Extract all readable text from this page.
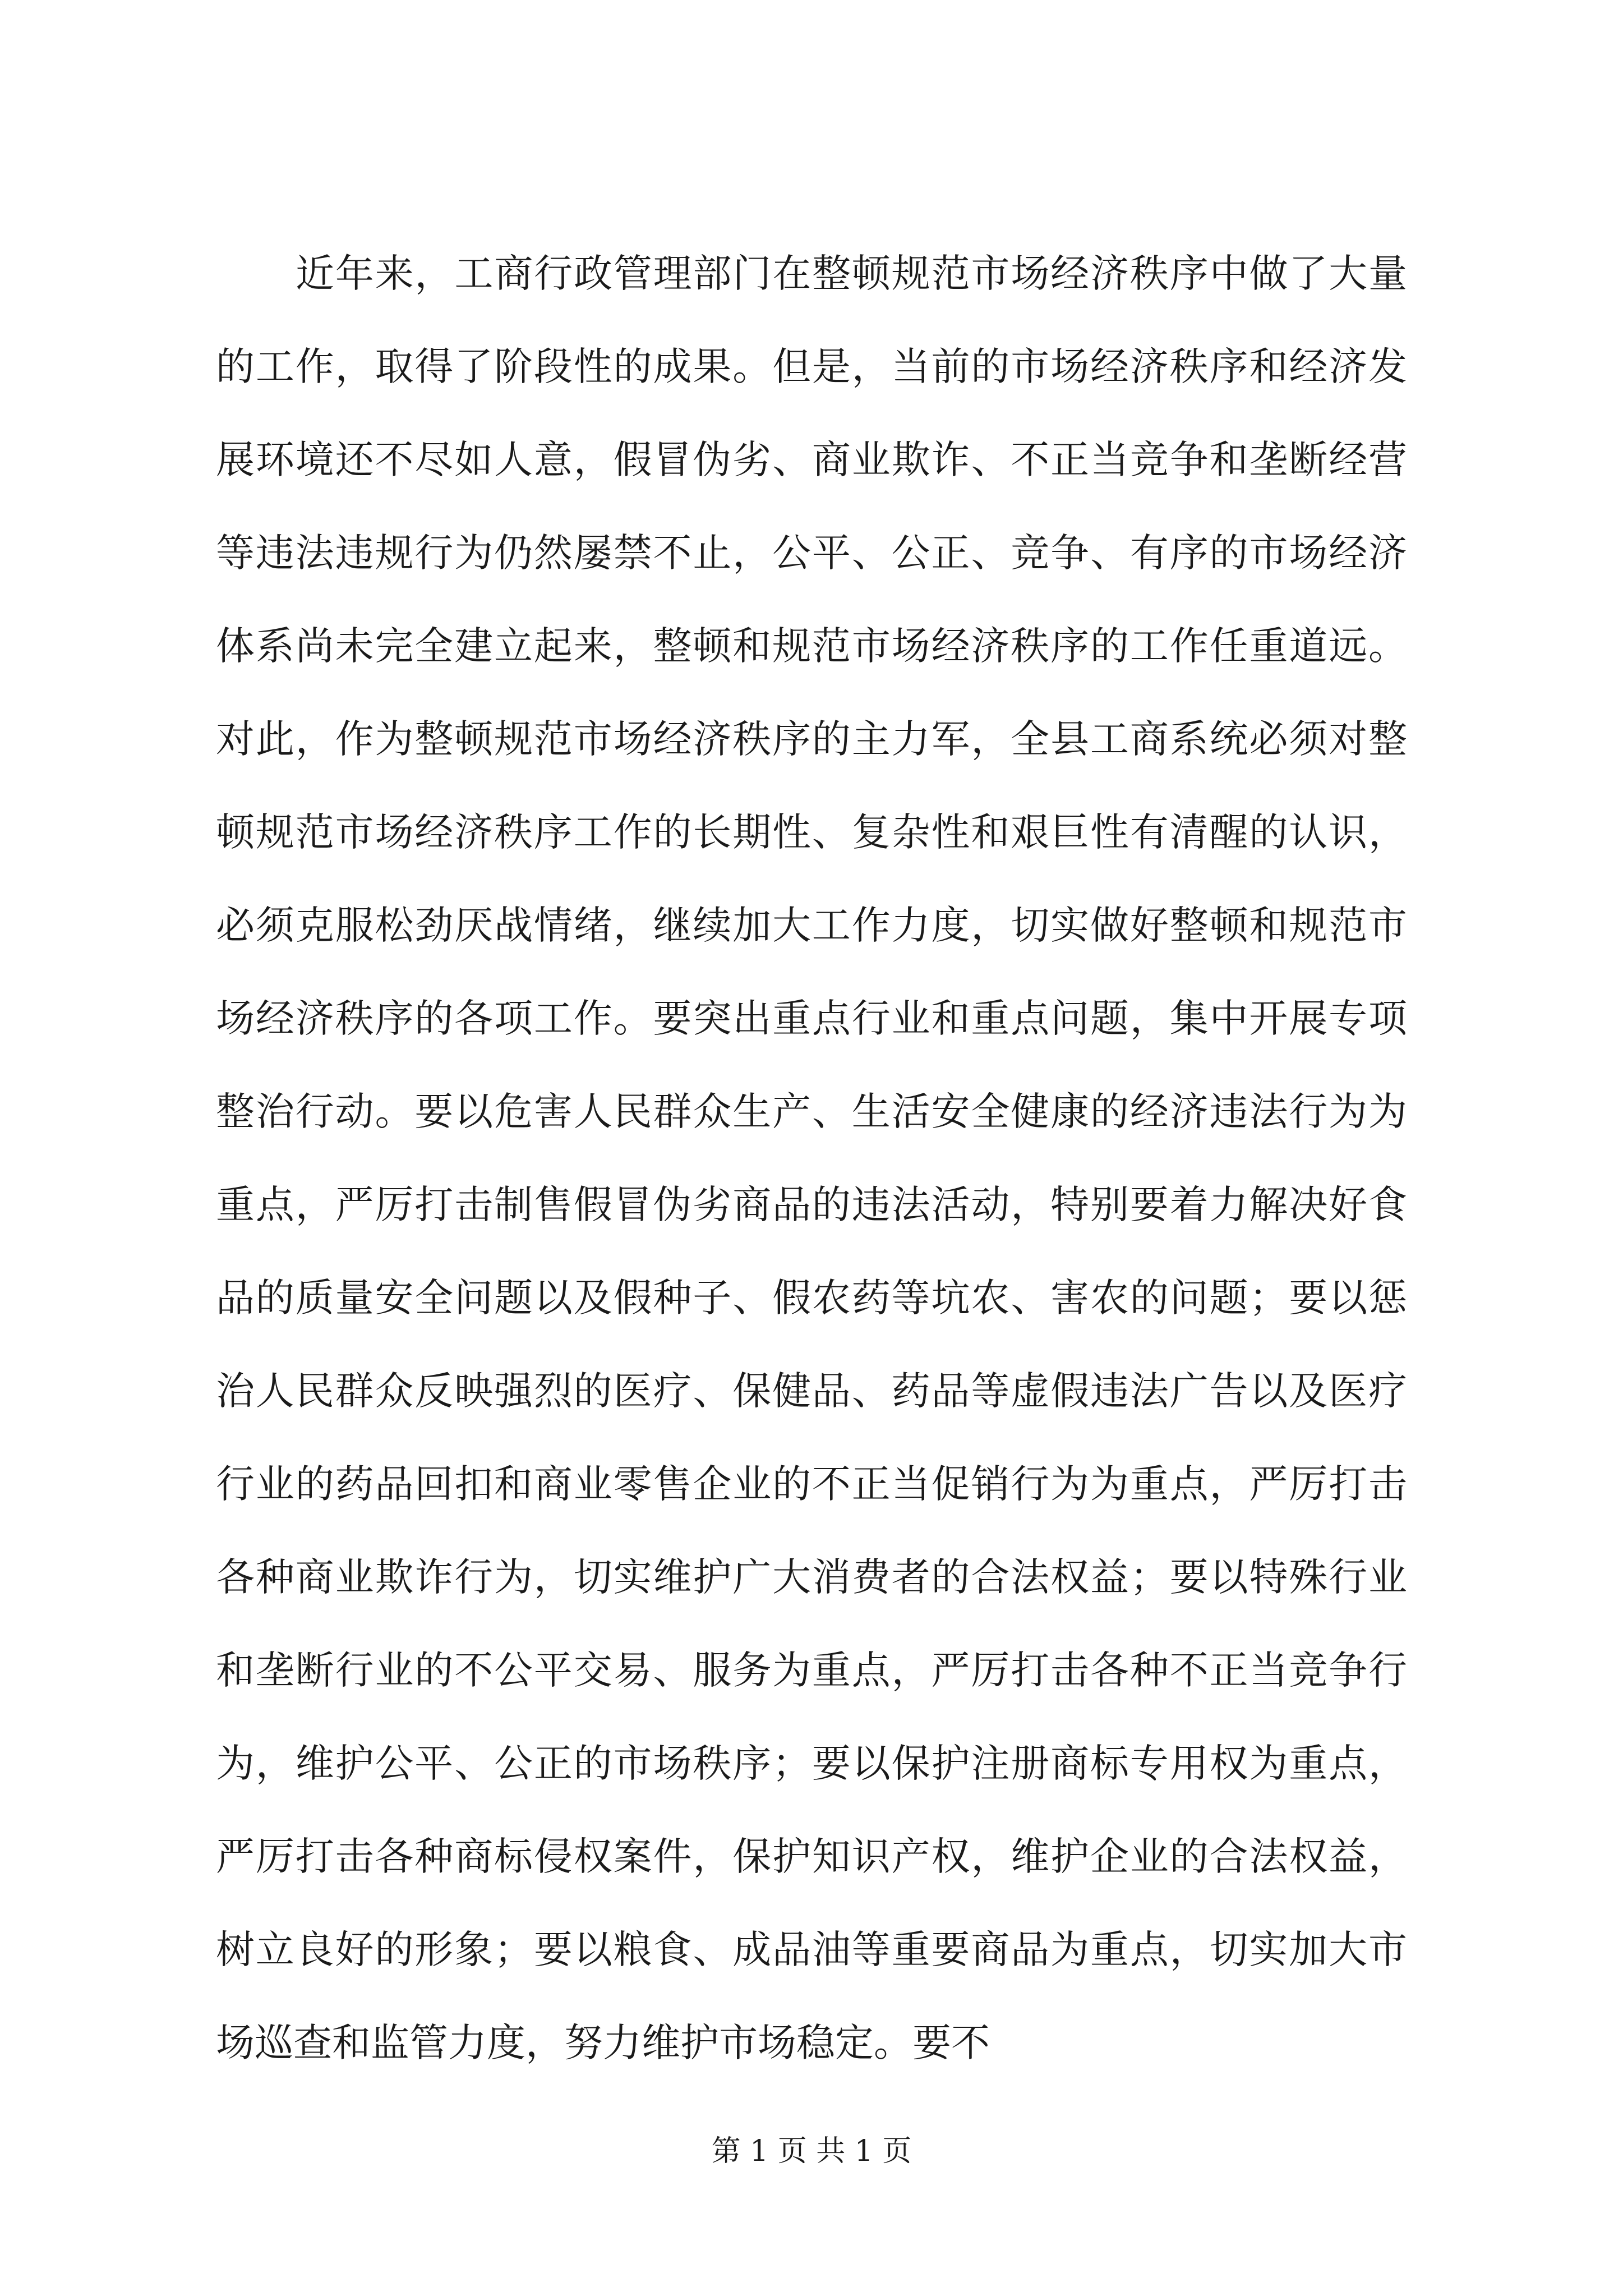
近年来，工商行政管理部门在整顿规范市场经济秩序中做了大量的工作，取得了阶段性的成果。但是，当前的市场经济秩序和经济发展环境还不尽如人意，假冒伪劣、商业欺诈、不正当竞争和垄断经营等违法违规行为仍然屡禁不止，公平、公正、竞争、有序的市场经济体系尚未完全建立起来，整顿和规范市场经济秩序的工作任重道远。对此，作为整顿规范市场经济秩序的主力军，全县工商系统必须对整顿规范市场经济秩序工作的长期性、复杂性和艰巨性有清醒的认识，必须克服松劲厌战情绪，继续加大工作力度，切实做好整顿和规范市场经济秩序的各项工作。要突出重点行业和重点问题，集中开展专项整治行动。要以危害人民群众生产、生活安全健康的经济违法行为为重点，严厉打击制售假冒伪劣商品的违法活动，特别要着力解决好食品的质量安全问题以及假种子、假农药等坑农、害农的问题；要以惩治人民群众反映强烈的医疗、保健品、药品等虚假违法广告以及医疗行业的药品回扣和商业零售企业的不正当促销行为为重点，严厉打击各种商业欺诈行为，切实维护广大消费者的合法权益；要以特殊行业和垄断行业的不公平交易、服务为重点，严厉打击各种不正当竞争行为，维护公平、公正的市场秩序；要以保护注册商标专用权为重点，严厉打击各种商标侵权案件，保护知识产权，维护企业的合法权益，树立良好的形象；要以粮食、成品油等重要商品为重点，切实加大市场巡查和监管力度，努力维护市场稳定。要不

第 1 页 共 1 页
